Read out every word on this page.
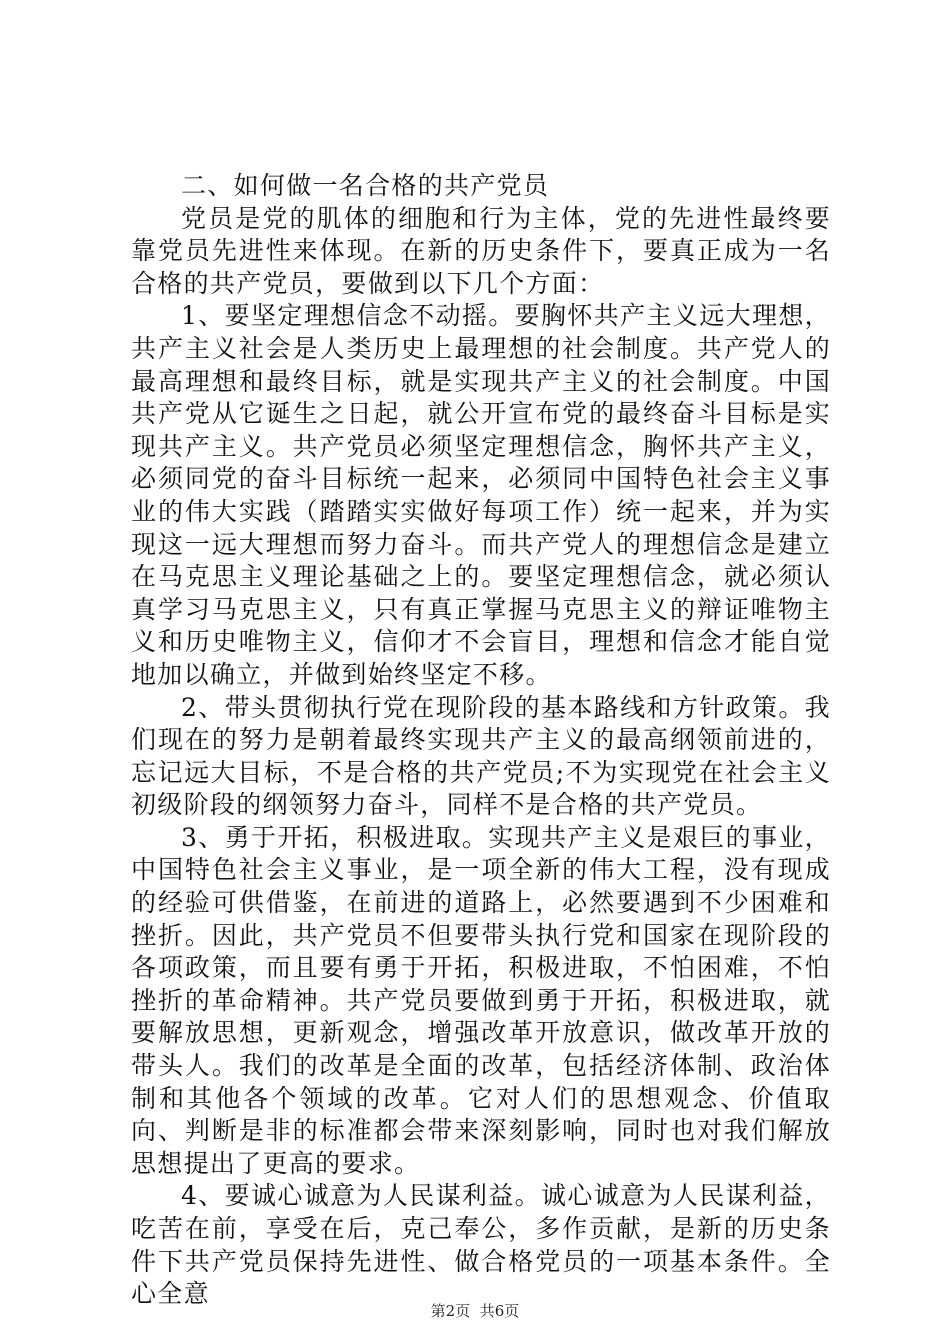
二、如何做一名合格的共产党员

党员是党的肌体的细胞和行为主体，党的先进性最终要靠党员先进性来体现。在新的历史条件下，要真正成为一名合格的共产党员，要做到以下几个方面：

1、要坚定理想信念不动摇。要胸怀共产主义远大理想，共产主义社会是人类历史上最理想的社会制度。共产党人的最高理想和最终目标，就是实现共产主义的社会制度。中国共产党从它诞生之日起，就公开宣布党的最终奋斗目标是实现共产主义。共产党员必须坚定理想信念，胸怀共产主义，必须同党的奋斗目标统一起来，必须同中国特色社会主义事业的伟大实践（踏踏实实做好每项工作）统一起来，并为实现这一远大理想而努力奋斗。而共产党人的理想信念是建立在马克思主义理论基础之上的。要坚定理想信念，就必须认真学习马克思主义，只有真正掌握马克思主义的辩证唯物主义和历史唯物主义，信仰才不会盲目，理想和信念才能自觉地加以确立，并做到始终坚定不移。

2、带头贯彻执行党在现阶段的基本路线和方针政策。我们现在的努力是朝着最终实现共产主义的最高纲领前进的，忘记远大目标，不是合格的共产党员;不为实现党在社会主义初级阶段的纲领努力奋斗，同样不是合格的共产党员。

3、勇于开拓，积极进取。实现共产主义是艰巨的事业，中国特色社会主义事业，是一项全新的伟大工程，没有现成的经验可供借鉴，在前进的道路上，必然要遇到不少困难和挫折。因此，共产党员不但要带头执行党和国家在现阶段的各项政策，而且要有勇于开拓，积极进取，不怕困难，不怕挫折的革命精神。共产党员要做到勇于开拓，积极进取，就要解放思想，更新观念，增强改革开放意识，做改革开放的带头人。我们的改革是全面的改革，包括经济体制、政治体制和其他各个领域的改革。它对人们的思想观念、价值取向、判断是非的标准都会带来深刻影响，同时也对我们解放思想提出了更高的要求。

4、要诚心诚意为人民谋利益。诚心诚意为人民谋利益，吃苦在前，享受在后，克己奉公，多作贡献，是新的历史条件下共产党员保持先进性、做合格党员的一项基本条件。全心全意

第2页 共6页
